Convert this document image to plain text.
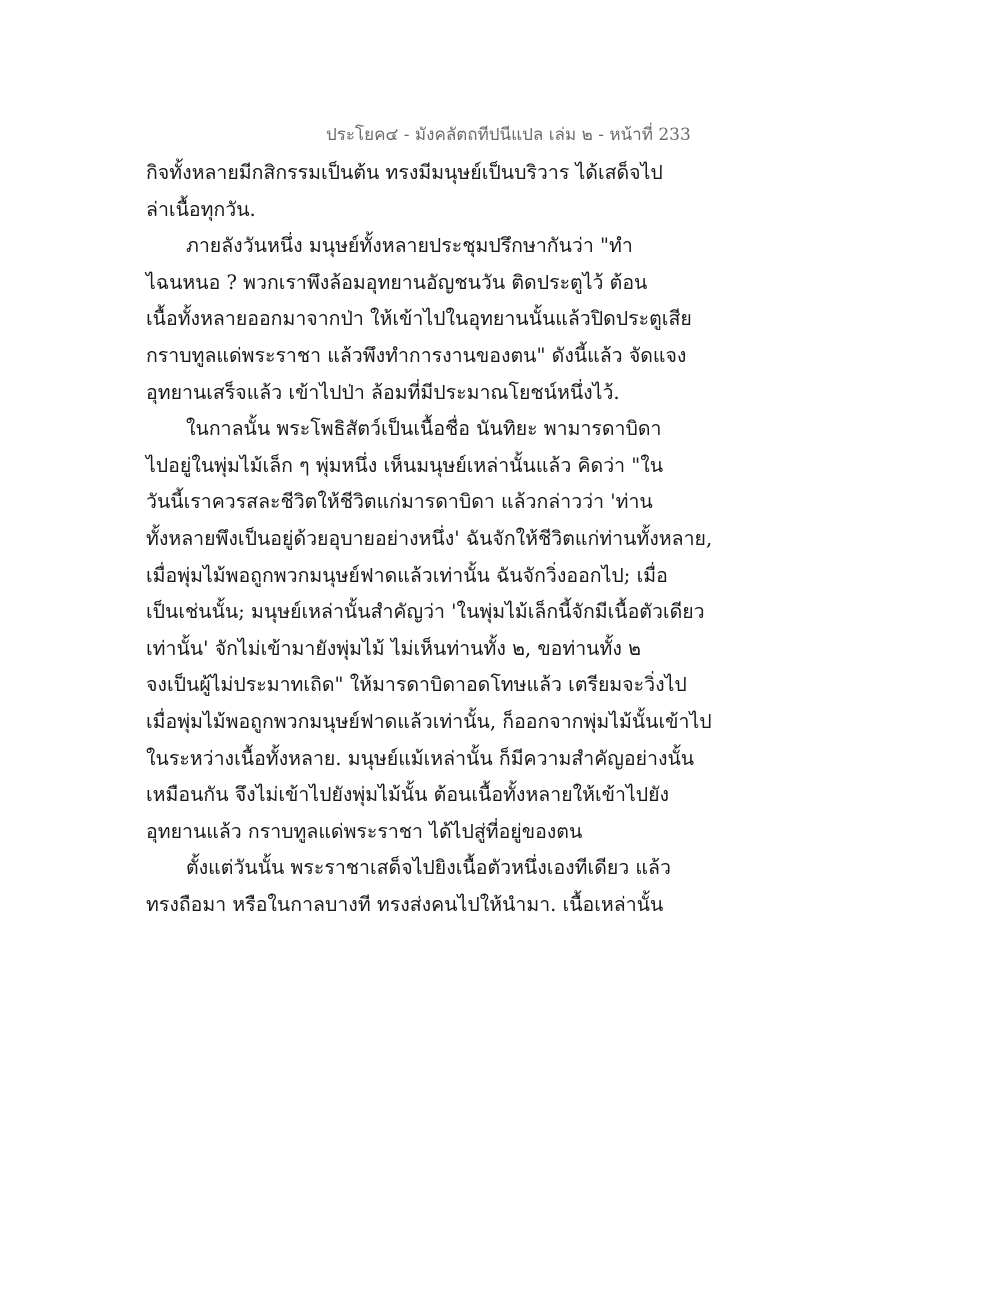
ประโยค๔ - มังคลัตถทีปนีแปล เล่ม ๒ - หน้าที่ 233
กิจทั้งหลายมีกสิกรรมเป็นต้น ทรงมีมนุษย์เป็นบริวาร ได้เสด็จไป
ล่าเนื้อทุกวัน.
ภายลังวันหนึ่ง มนุษย์ทั้งหลายประชุมปรึกษากันว่า "ทำ
ไฉนหนอ ? พวกเราพึงล้อมอุทยานอัญชนวัน ติดประตูไว้ ต้อน
เนื้อทั้งหลายออกมาจากป่า ให้เข้าไปในอุทยานนั้นแล้วปิดประตูเสีย
กราบทูลแด่พระราชา แล้วพึงทำการงานของตน" ดังนี้แล้ว จัดแจง
อุทยานเสร็จแล้ว เข้าไปป่า ล้อมที่มีประมาณโยชน์หนึ่งไว้.
ในกาลนั้น พระโพธิสัตว์เป็นเนื้อชื่อ นันทิยะ พามารดาบิดา
ไปอยู่ในพุ่มไม้เล็ก ๆ พุ่มหนึ่ง เห็นมนุษย์เหล่านั้นแล้ว คิดว่า "ใน
วันนี้เราควรสละชีวิตให้ชีวิตแก่มารดาบิดา แล้วกล่าวว่า 'ท่าน
ทั้งหลายพึงเป็นอยู่ด้วยอุบายอย่างหนึ่ง' ฉันจักให้ชีวิตแก่ท่านทั้งหลาย,
เมื่อพุ่มไม้พอถูกพวกมนุษย์ฟาดแล้วเท่านั้น ฉันจักวิ่งออกไป; เมื่อ
เป็นเช่นนั้น; มนุษย์เหล่านั้นสำคัญว่า 'ในพุ่มไม้เล็กนี้จักมีเนื้อตัวเดียว
เท่านั้น' จักไม่เข้ามายังพุ่มไม้ ไม่เห็นท่านทั้ง ๒, ขอท่านทั้ง ๒
จงเป็นผู้ไม่ประมาทเถิด" ให้มารดาบิดาอดโทษแล้ว เตรียมจะวิ่งไป
เมื่อพุ่มไม้พอถูกพวกมนุษย์ฟาดแล้วเท่านั้น, ก็ออกจากพุ่มไม้นั้นเข้าไป
ในระหว่างเนื้อทั้งหลาย. มนุษย์แม้เหล่านั้น ก็มีความสำคัญอย่างนั้น
เหมือนกัน จึงไม่เข้าไปยังพุ่มไม้นั้น ต้อนเนื้อทั้งหลายให้เข้าไปยัง
อุทยานแล้ว กราบทูลแด่พระราชา ได้ไปสู่ที่อยู่ของตน
ตั้งแต่วันนั้น พระราชาเสด็จไปยิงเนื้อตัวหนึ่งเองทีเดียว แล้ว
ทรงถือมา หรือในกาลบางที ทรงส่งคนไปให้นำมา. เนื้อเหล่านั้น
